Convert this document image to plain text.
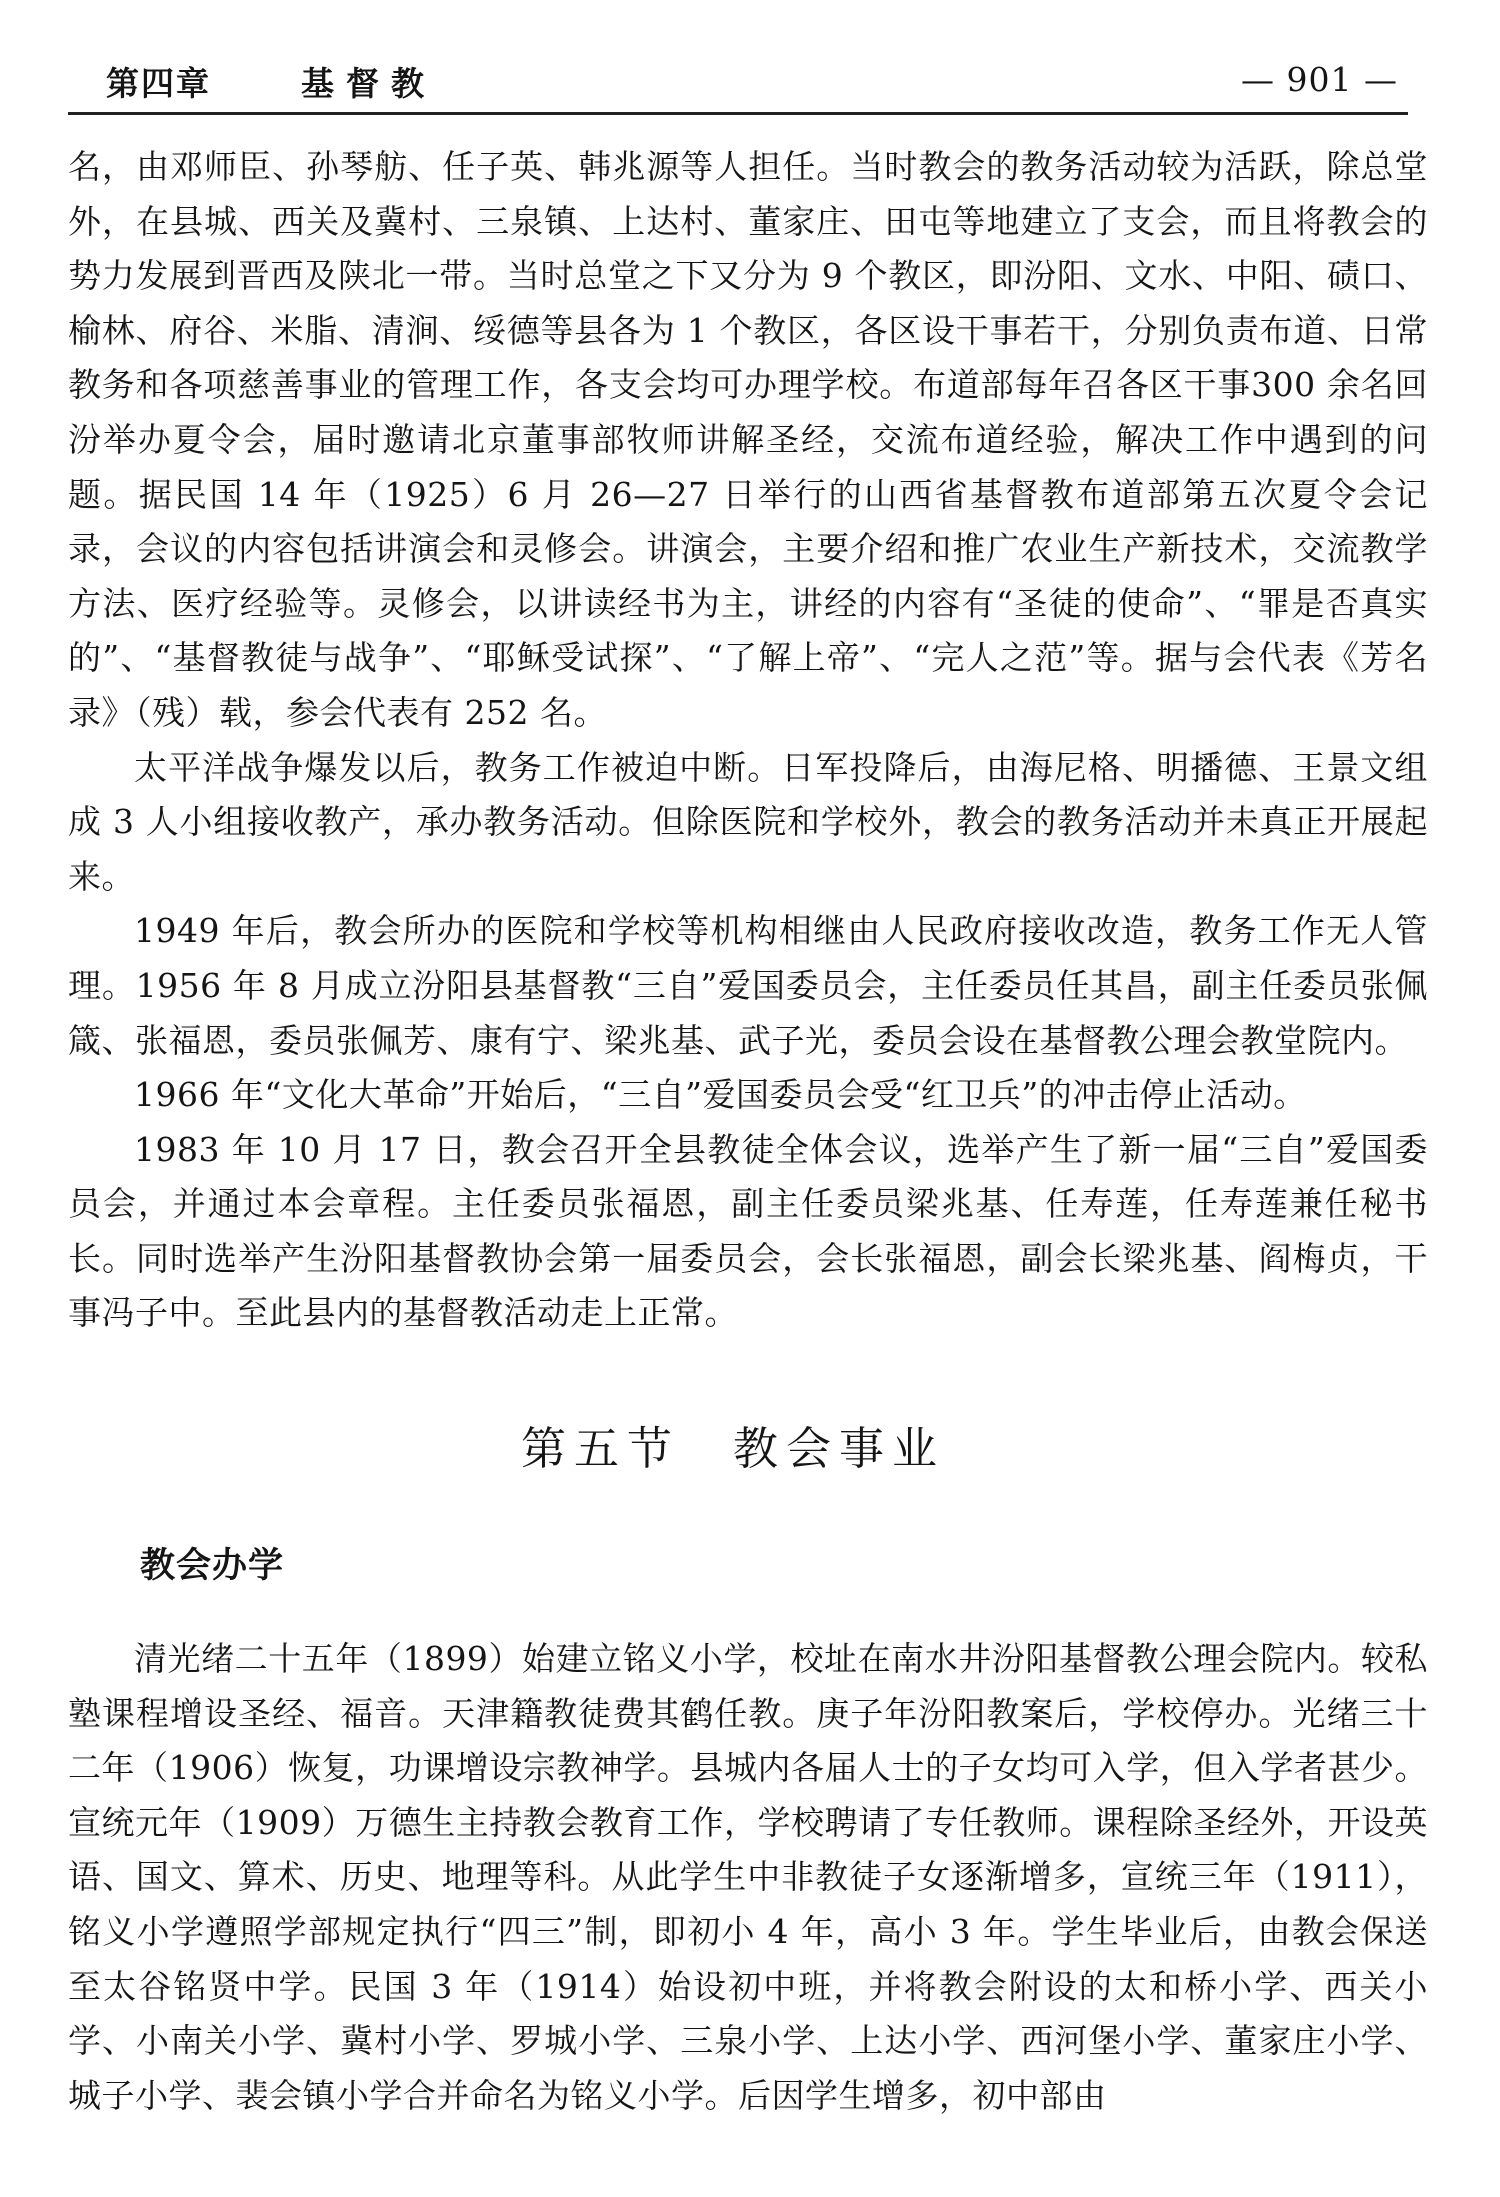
第四章	基督教	— 901 —

名，由邓师臣、孙琴舫、任子英、韩兆源等人担任。当时教会的教务活动较为活跃，除总堂外，在县城、西关及冀村、三泉镇、上达村、董家庄、田屯等地建立了支会，而且将教会的势力发展到晋西及陕北一带。当时总堂之下又分为 9 个教区，即汾阳、文水、中阳、碛口、榆林、府谷、米脂、清涧、绥德等县各为 1 个教区，各区设干事若干，分别负责布道、日常教务和各项慈善事业的管理工作，各支会均可办理学校。布道部每年召各区干事300 余名回汾举办夏令会，届时邀请北京董事部牧师讲解圣经，交流布道经验，解决工作中遇到的问题。据民国 14 年（1925）6 月 26—27 日举行的山西省基督教布道部第五次夏令会记录，会议的内容包括讲演会和灵修会。讲演会，主要介绍和推广农业生产新技术，交流教学方法、医疗经验等。灵修会，以讲读经书为主，讲经的内容有“圣徒的使命”、“罪是否真实的”、“基督教徒与战争”、“耶稣受试探”、“了解上帝”、“完人之范”等。据与会代表《芳名录》（残）载，参会代表有 252 名。

太平洋战争爆发以后，教务工作被迫中断。日军投降后，由海尼格、明播德、王景文组成 3 人小组接收教产，承办教务活动。但除医院和学校外，教会的教务活动并未真正开展起来。

1949 年后，教会所办的医院和学校等机构相继由人民政府接收改造，教务工作无人管理。1956 年 8 月成立汾阳县基督教“三自”爱国委员会，主任委员任其昌，副主任委员张佩箴、张福恩，委员张佩芳、康有宁、梁兆基、武子光，委员会设在基督教公理会教堂院内。

1966 年“文化大革命”开始后，“三自”爱国委员会受“红卫兵”的冲击停止活动。

1983 年 10 月 17 日，教会召开全县教徒全体会议，选举产生了新一届“三自”爱国委员会，并通过本会章程。主任委员张福恩，副主任委员梁兆基、任寿莲，任寿莲兼任秘书长。同时选举产生汾阳基督教协会第一届委员会，会长张福恩，副会长梁兆基、阎梅贞，干事冯子中。至此县内的基督教活动走上正常。

第五节　教会事业
教会办学

清光绪二十五年（1899）始建立铭义小学，校址在南水井汾阳基督教公理会院内。较私塾课程增设圣经、福音。天津籍教徒费其鹤任教。庚子年汾阳教案后，学校停办。光绪三十二年（1906）恢复，功课增设宗教神学。县城内各届人士的子女均可入学，但入学者甚少。宣统元年（1909）万德生主持教会教育工作，学校聘请了专任教师。课程除圣经外，开设英语、国文、算术、历史、地理等科。从此学生中非教徒子女逐渐增多，宣统三年（1911），铭义小学遵照学部规定执行“四三”制，即初小 4 年，高小 3 年。学生毕业后，由教会保送至太谷铭贤中学。民国 3 年（1914）始设初中班，并将教会附设的太和桥小学、西关小学、小南关小学、冀村小学、罗城小学、三泉小学、上达小学、西河堡小学、董家庄小学、城子小学、裴会镇小学合并命名为铭义小学。后因学生增多，初中部由
